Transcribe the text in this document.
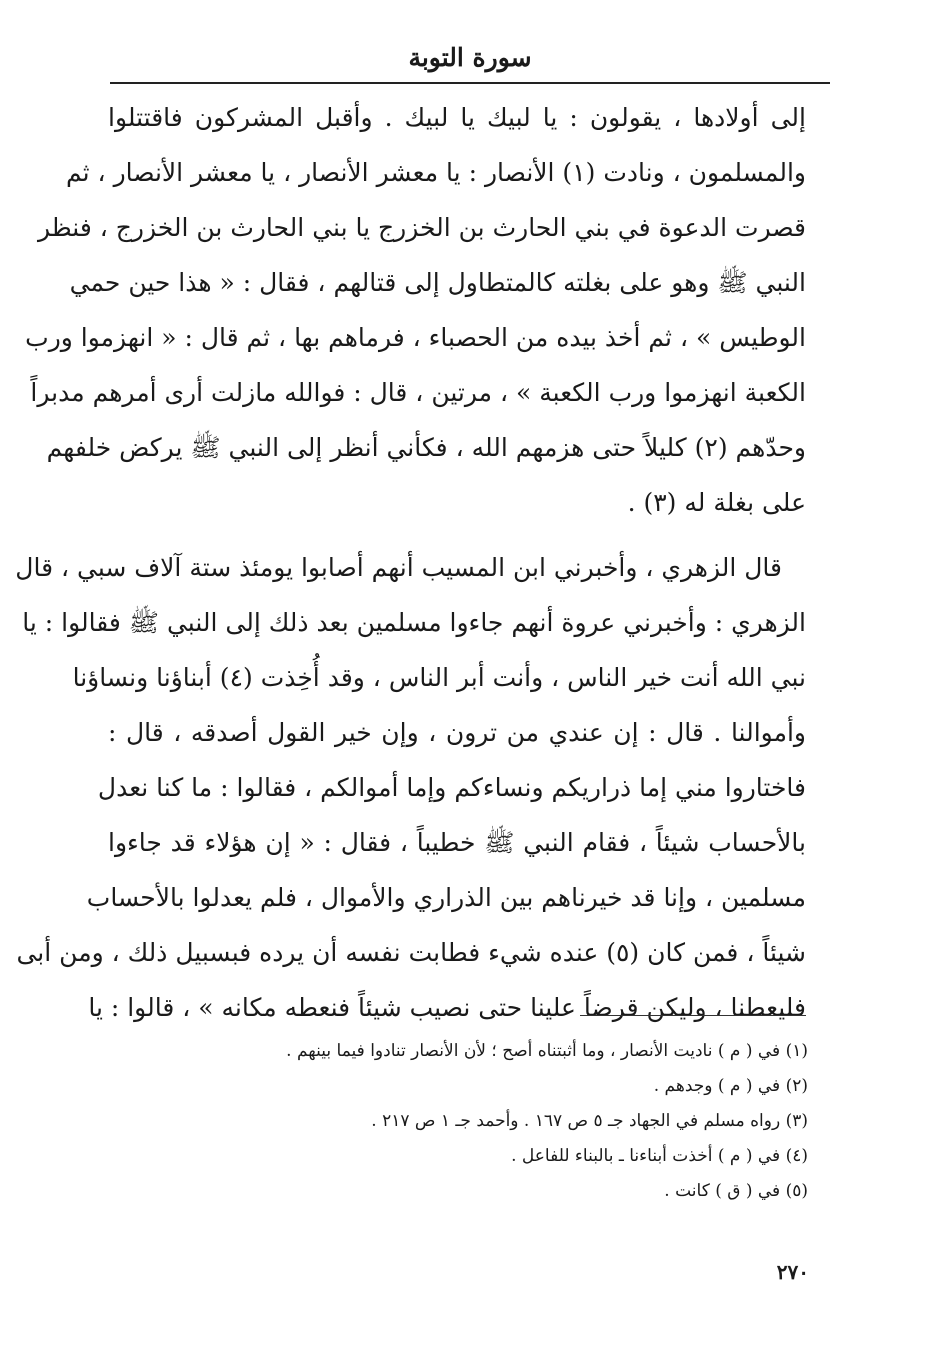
سورة التوبة
إلى أولادها ، يقولون : يا لبيك يا لبيك . وأقبل المشركون فاقتتلوا
والمسلمون ، ونادت (١) الأنصار : يا معشر الأنصار ، يا معشر الأنصار ، ثم
قصرت الدعوة في بني الحارث بن الخزرج يا بني الحارث بن الخزرج ، فنظر
النبي ﷺ وهو على بغلته كالمتطاول إلى قتالهم ، فقال : « هذا حين حمي
الوطيس » ، ثم أخذ بيده من الحصباء ، فرماهم بها ، ثم قال : « انهزموا ورب
الكعبة انهزموا ورب الكعبة » ، مرتين ، قال : فوالله مازلت أرى أمرهم مدبراً
وحدّهم (٢) كليلاً حتى هزمهم الله ، فكأني أنظر إلى النبي ﷺ يركض خلفهم
على بغلة له (٣) .
قال الزهري ، وأخبرني ابن المسيب أنهم أصابوا يومئذ ستة آلاف سبي ، قال
الزهري : وأخبرني عروة أنهم جاءوا مسلمين بعد ذلك إلى النبي ﷺ فقالوا : يا
نبي الله أنت خير الناس ، وأنت أبر الناس ، وقد أُخِذت (٤) أبناؤنا ونساؤنا
وأموالنا . قال : إن عندي من ترون ، وإن خير القول أصدقه ، قال :
فاختاروا مني إما ذراريكم ونساءكم وإما أموالكم ، فقالوا : ما كنا نعدل
بالأحساب شيئاً ، فقام النبي ﷺ خطيباً ، فقال : « إن هؤلاء قد جاءوا
مسلمين ، وإنا قد خيرناهم بين الذراري والأموال ، فلم يعدلوا بالأحساب
شيئاً ، فمن كان (٥) عنده شيء فطابت نفسه أن يرده فبسبيل ذلك ، ومن أبى
فليعطنا ، وليكن قرضاً علينا حتى نصيب شيئاً فنعطه مكانه » ، قالوا : يا
(١) في ( م ) ناديت الأنصار ، وما أثبتناه أصح ؛ لأن الأنصار تنادوا فيما بينهم .
(٢) في ( م ) وجدهم .
(٣) رواه مسلم في الجهاد جـ ٥ ص ١٦٧ . وأحمد جـ ١ ص ٢١٧ .
(٤) في ( م ) أخذت أبناءنا ـ بالبناء للفاعل .
(٥) في ( ق ) كانت .
٢٧٠
